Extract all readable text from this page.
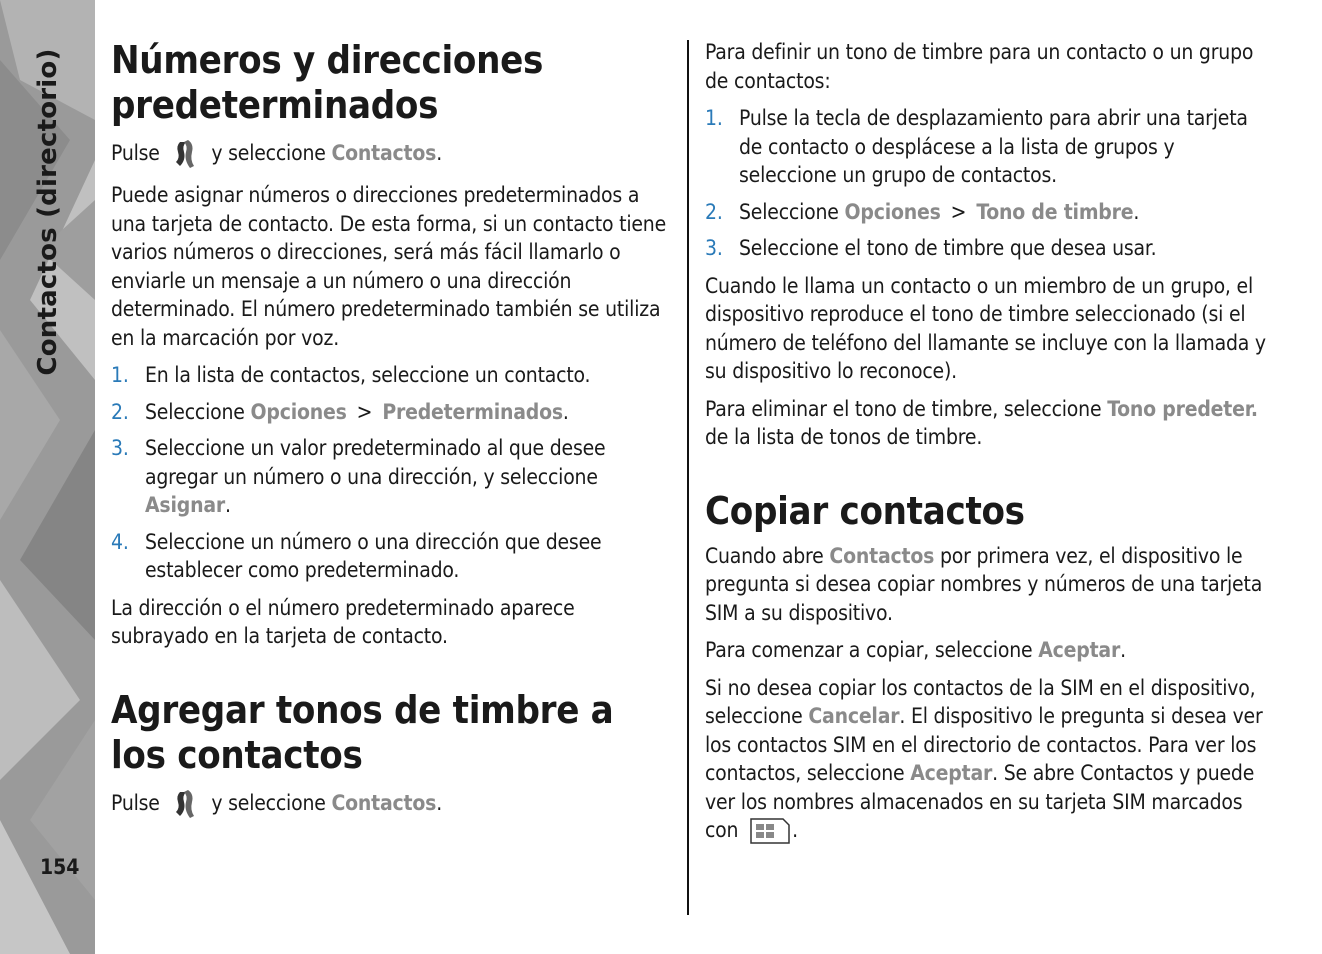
Contactos (directorio)
154
Números y direcciones predeterminados

Pulse y seleccione Contactos.

Puede asignar números o direcciones predeterminados a una tarjeta de contacto. De esta forma, si un contacto tiene varios números o direcciones, será más fácil llamarlo o enviarle un mensaje a un número o una dirección determinado. El número predeterminado también se utiliza en la marcación por voz.

1. En la lista de contactos, seleccione un contacto.
2. Seleccione Opciones > Predeterminados.
3. Seleccione un valor predeterminado al que desee agregar un número o una dirección, y seleccione Asignar.
4. Seleccione un número o una dirección que desee establecer como predeterminado.

La dirección o el número predeterminado aparece subrayado en la tarjeta de contacto.

Agregar tonos de timbre a los contactos

Pulse y seleccione Contactos.

Para definir un tono de timbre para un contacto o un grupo de contactos:

1. Pulse la tecla de desplazamiento para abrir una tarjeta de contacto o desplácese a la lista de grupos y seleccione un grupo de contactos.
2. Seleccione Opciones > Tono de timbre.
3. Seleccione el tono de timbre que desea usar.

Cuando le llama un contacto o un miembro de un grupo, el dispositivo reproduce el tono de timbre seleccionado (si el número de teléfono del llamante se incluye con la llamada y su dispositivo lo reconoce).

Para eliminar el tono de timbre, seleccione Tono predeter. de la lista de tonos de timbre.

Copiar contactos

Cuando abre Contactos por primera vez, el dispositivo le pregunta si desea copiar nombres y números de una tarjeta SIM a su dispositivo.

Para comenzar a copiar, seleccione Aceptar.

Si no desea copiar los contactos de la SIM en el dispositivo, seleccione Cancelar. El dispositivo le pregunta si desea ver los contactos SIM en el directorio de contactos. Para ver los contactos, seleccione Aceptar. Se abre Contactos y puede ver los nombres almacenados en su tarjeta SIM marcados con	.
